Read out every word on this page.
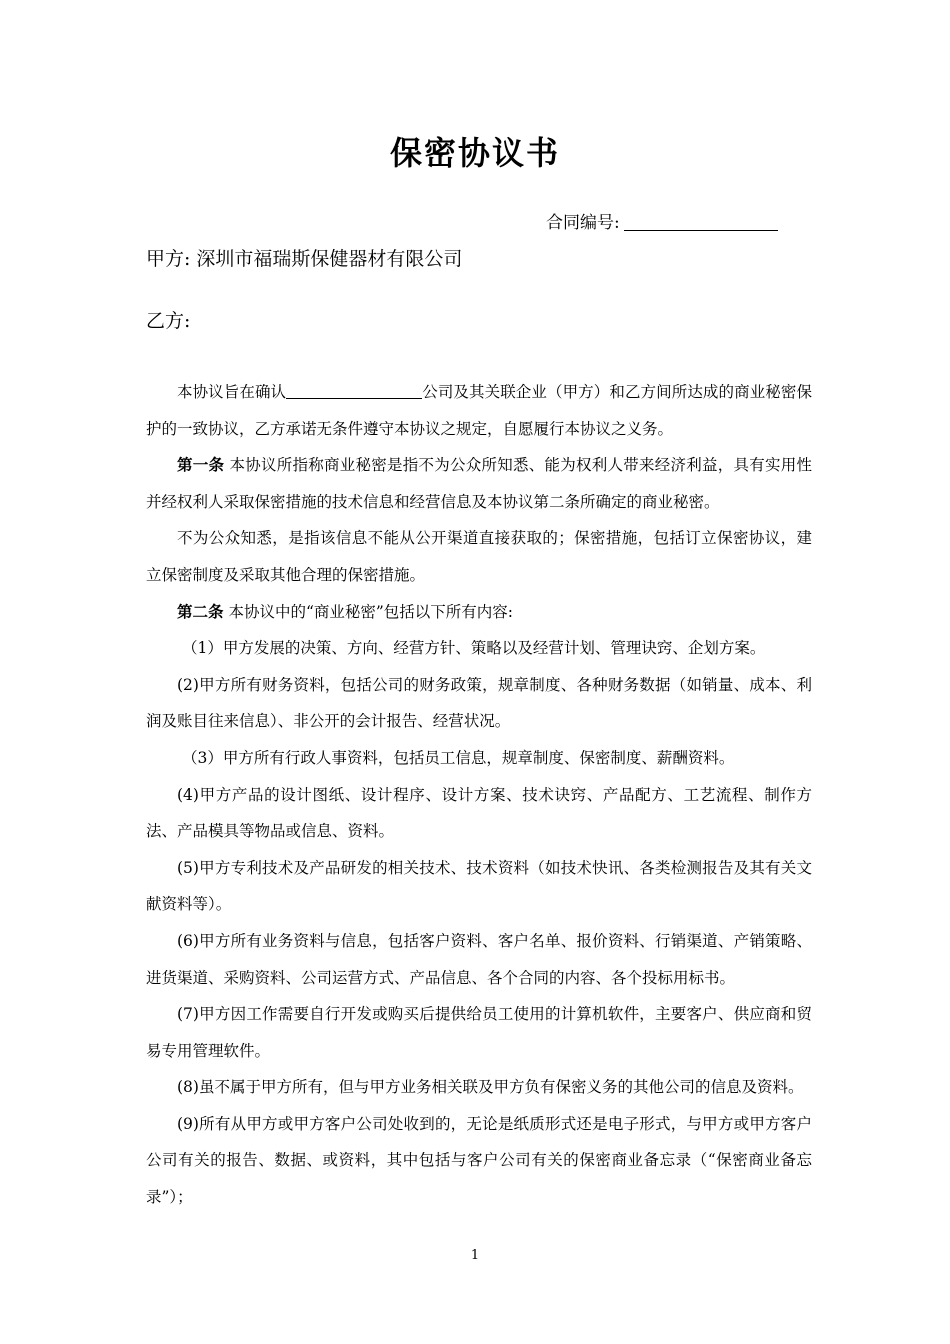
保密协议书
合同编号:
甲方: 深圳市福瑞斯保健器材有限公司
乙方:

本协议旨在确认	公司及其关联企业（甲方）和乙方间所达成的商业秘密保护的一致协议，乙方承诺无条件遵守本协议之规定，自愿履行本协议之义务。

第一条 本协议所指称商业秘密是指不为公众所知悉、能为权利人带来经济利益，具有实用性并经权利人采取保密措施的技术信息和经营信息及本协议第二条所确定的商业秘密。

不为公众知悉，是指该信息不能从公开渠道直接获取的；保密措施，包括订立保密协议，建立保密制度及采取其他合理的保密措施。

第二条 本协议中的“商业秘密”包括以下所有内容:

（1）甲方发展的决策、方向、经营方针、策略以及经营计划、管理诀窍、企划方案。

(2)甲方所有财务资料，包括公司的财务政策，规章制度、各种财务数据（如销量、成本、利润及账目往来信息）、非公开的会计报告、经营状况。

（3）甲方所有行政人事资料，包括员工信息，规章制度、保密制度、薪酬资料。

(4)甲方产品的设计图纸、设计程序、设计方案、技术诀窍、产品配方、工艺流程、制作方法、产品模具等物品或信息、资料。

(5)甲方专利技术及产品研发的相关技术、技术资料（如技术快讯、各类检测报告及其有关文献资料等）。

(6)甲方所有业务资料与信息，包括客户资料、客户名单、报价资料、行销渠道、产销策略、进货渠道、采购资料、公司运营方式、产品信息、各个合同的内容、各个投标用标书。

(7)甲方因工作需要自行开发或购买后提供给员工使用的计算机软件，主要客户、供应商和贸易专用管理软件。

(8)虽不属于甲方所有，但与甲方业务相关联及甲方负有保密义务的其他公司的信息及资料。

(9)所有从甲方或甲方客户公司处收到的，无论是纸质形式还是电子形式，与甲方或甲方客户公司有关的报告、数据、或资料，其中包括与客户公司有关的保密商业备忘录（“保密商业备忘录”）；

1
